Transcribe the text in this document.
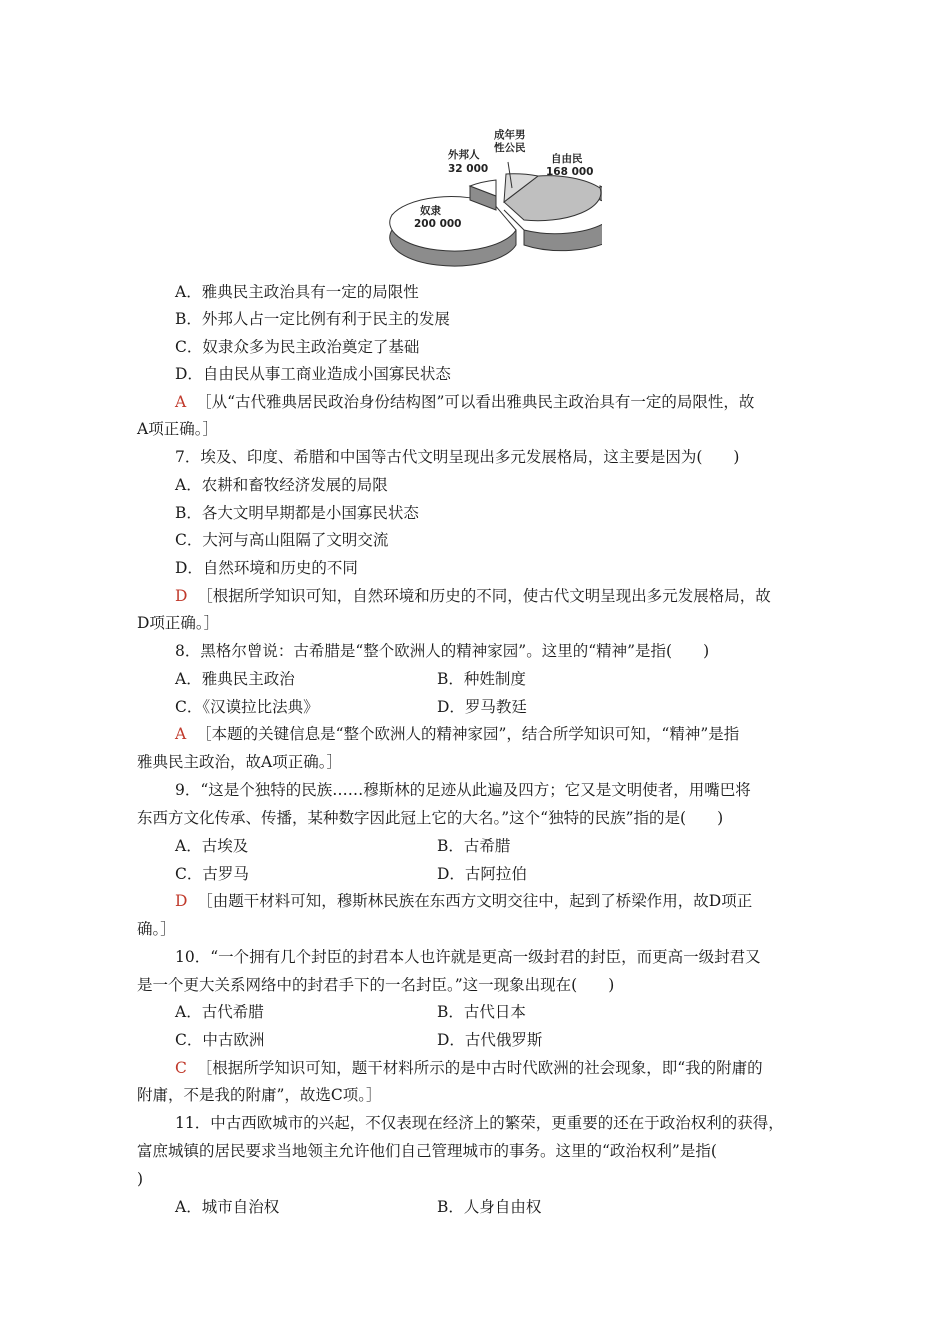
奴隶
200 000
外邦人
32 000
成年男
性公民
自由民
168 000
A．雅典民主政治具有一定的局限性
B．外邦人占一定比例有利于民主的发展
C．奴隶众多为民主政治奠定了基础
D．自由民从事工商业造成小国寡民状态
A ［从“古代雅典居民政治身份结构图”可以看出雅典民主政治具有一定的局限性，故
A项正确。］
7．埃及、印度、希腊和中国等古代文明呈现出多元发展格局，这主要是因为(　　)
A．农耕和畜牧经济发展的局限
B．各大文明早期都是小国寡民状态
C．大河与高山阻隔了文明交流
D．自然环境和历史的不同
D ［根据所学知识可知，自然环境和历史的不同，使古代文明呈现出多元发展格局，故
D项正确。］
8．黑格尔曾说：古希腊是“整个欧洲人的精神家园”。这里的“精神”是指(　　)
A．雅典民主政治	B．种姓制度
C．《汉谟拉比法典》	D．罗马教廷
A ［本题的关键信息是“整个欧洲人的精神家园”，结合所学知识可知，“精神”是指
雅典民主政治，故A项正确。］
9．“这是个独特的民族……穆斯林的足迹从此遍及四方；它又是文明使者，用嘴巴将
东西方文化传承、传播，某种数字因此冠上它的大名。”这个“独特的民族”指的是(　　)
A．古埃及	B．古希腊
C．古罗马	D．古阿拉伯
D ［由题干材料可知，穆斯林民族在东西方文明交往中，起到了桥梁作用，故D项正
确。］
10．“一个拥有几个封臣的封君本人也许就是更高一级封君的封臣，而更高一级封君又
是一个更大关系网络中的封君手下的一名封臣。”这一现象出现在(　　)
A．古代希腊	B．古代日本
C．中古欧洲	D．古代俄罗斯
C ［根据所学知识可知，题干材料所示的是中古时代欧洲的社会现象，即“我的附庸的
附庸，不是我的附庸”，故选C项。］
11．中古西欧城市的兴起，不仅表现在经济上的繁荣，更重要的还在于政治权利的获得，
富庶城镇的居民要求当地领主允许他们自己管理城市的事务。这里的“政治权利”是指(
)
A．城市自治权	B．人身自由权
